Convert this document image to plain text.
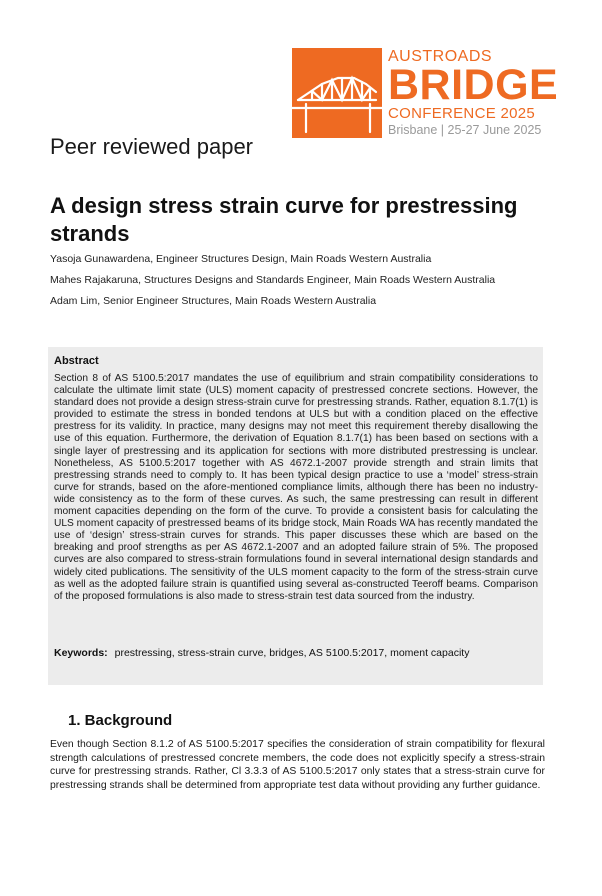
AUSTROADS
BRIDGE
CONFERENCE 2025
Brisbane | 25-27 June 2025
Peer reviewed paper
A design stress strain curve for prestressing strands
Yasoja Gunawardena, Engineer Structures Design, Main Roads Western Australia
Mahes Rajakaruna, Structures Designs and Standards Engineer, Main Roads Western Australia
Adam Lim, Senior Engineer Structures, Main Roads Western Australia
Abstract
Section 8 of AS 5100.5:2017 mandates the use of equilibrium and strain compatibility considerations to calculate the ultimate limit state (ULS) moment capacity of prestressed concrete sections. However, the standard does not provide a design stress-strain curve for prestressing strands. Rather, equation 8.1.7(1) is provided to estimate the stress in bonded tendons at ULS but with a condition placed on the effective prestress for its validity. In practice, many designs may not meet this requirement thereby disallowing the use of this equation. Furthermore, the derivation of Equation 8.1.7(1) has been based on sections with a single layer of prestressing and its application for sections with more distributed prestressing is unclear. Nonetheless, AS 5100.5:2017 together with AS 4672.1-2007 provide strength and strain limits that prestressing strands need to comply to. It has been typical design practice to use a ‘model’ stress-strain curve for strands, based on the afore-mentioned compliance limits, although there has been no industry-wide consistency as to the form of these curves. As such, the same prestressing can result in different moment capacities depending on the form of the curve. To provide a consistent basis for calculating the ULS moment capacity of prestressed beams of its bridge stock, Main Roads WA has recently mandated the use of ‘design’ stress-strain curves for strands. This paper discusses these which are based on the breaking and proof strengths as per AS 4672.1-2007 and an adopted failure strain of 5%. The proposed curves are also compared to stress-strain formulations found in several international design standards and widely cited publications. The sensitivity of the ULS moment capacity to the form of the stress-strain curve as well as the adopted failure strain is quantified using several as-constructed Teeroff beams. Comparison of the proposed formulations is also made to stress-strain test data sourced from the industry.
Keywords: prestressing, stress-strain curve, bridges, AS 5100.5:2017, moment capacity
1. Background
Even though Section 8.1.2 of AS 5100.5:2017 specifies the consideration of strain compatibility for flexural strength calculations of prestressed concrete members, the code does not explicitly specify a stress-strain curve for prestressing strands. Rather, Cl 3.3.3 of AS 5100.5:2017 only states that a stress-strain curve for prestressing strands shall be determined from appropriate test data without providing any further guidance.
